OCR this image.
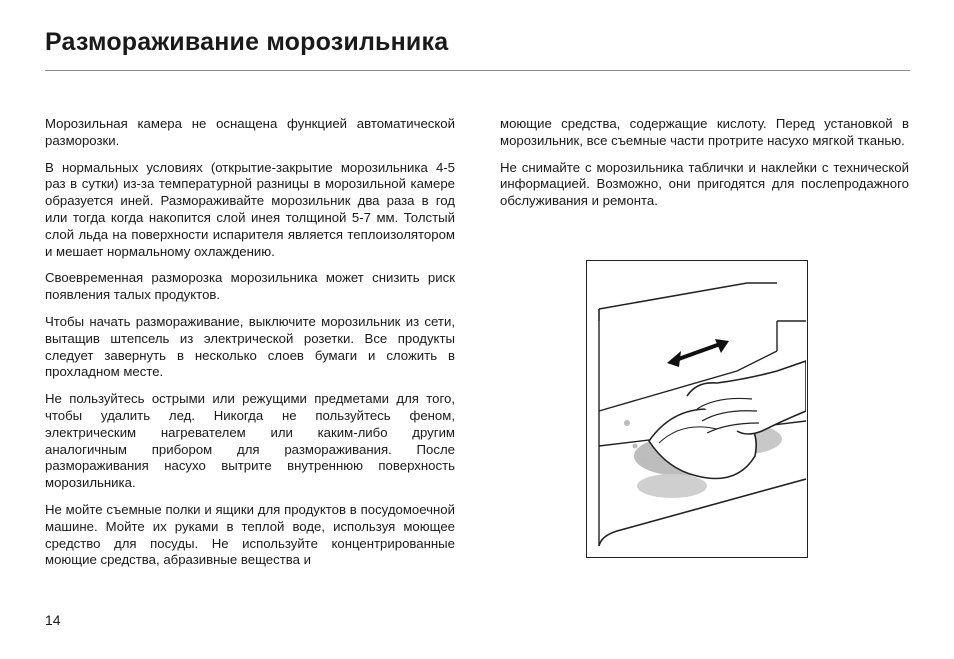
Размораживание морозильника

Морозильная камера не оснащена функцией автоматической разморозки.

В нормальных условиях (открытие-закрытие морозильника 4-5 раз в сутки) из-за температурной разницы в морозильной камере образуется иней. Размораживайте морозильник два раза в год или тогда когда накопится слой инея толщиной 5-7 мм. Толстый слой льда на поверхности испарителя является теплоизолятором и мешает нормальному охлаждению.

Своевременная разморозка морозильника может снизить риск появления талых продуктов.

Чтобы начать размораживание, выключите морозильник из сети, вытащив штепсель из электрической розетки. Все продукты следует завернуть в несколько слоев бумаги и сложить в прохладном месте.

Не пользуйтесь острыми или режущими предметами для того, чтобы удалить лед. Никогда не пользуйтесь феном, электрическим нагревателем или каким-либо другим аналогичным прибором для размораживания. После размораживания насухо вытрите внутреннюю поверхность морозильника.

Не мойте съемные полки и ящики для продуктов в посудомоечной машине. Мойте их руками в теплой воде, используя моющее средство для посуды. Не используйте концентрированные моющие средства, абразивные вещества и

моющие средства, содержащие кислоту. Перед установкой в морозильник, все съемные части протрите насухо мягкой тканью.

Не снимайте с морозильника таблички и наклейки с технической информацией. Возможно, они пригодятся для послепродажного обслуживания и ремонта.

14
